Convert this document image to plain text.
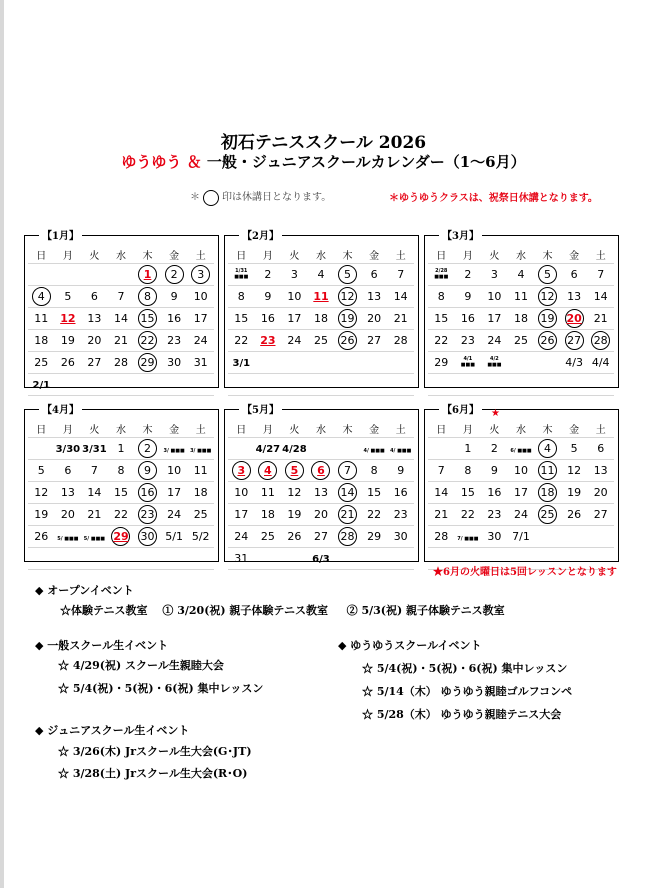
初石テニススクール 2026
ゆうゆう ＆ 一般・ジュニアスクールカレンダー（1～6月）
＊ 印は休講日となります。	＊ゆうゆうクラスは、祝祭日休講となります。
【1月】
日	月	火	水	木	金	土
				1	2	3
4	5	6	7	8	9	10
11	12	13	14	15	16	17
18	19	20	21	22	23	24
25	26	27	28	29	30	31
2/1						
【2月】
日	月	火	水	木	金	土
1/31 ■■■	2	3	4	5	6	7
8	9	10	11	12	13	14
15	16	17	18	19	20	21
22	23	24	25	26	27	28
3/1						

【3月】
日	月	火	水	木	金	土
2/28 ■■■	2	3	4	5	6	7
8	9	10	11	12	13	14
15	16	17	18	19	20	21
22	23	24	25	26	27	28
29	4/1 ■■■	4/2 ■■■			4/3	4/4

【4月】
日	月	火	水	木	金	土
	3/30	3/31	1	2	3/ ■■■	3/ ■■■
5	6	7	8	9	10	11
12	13	14	15	16	17	18
19	20	21	22	23	24	25
26	5/ ■■■	5/ ■■■	29	30	5/1	5/2

【5月】
日	月	火	水	木	金	土
	4/27	4/28			4/ ■■■	4/ ■■■
3	4	5	6	7	8	9
10	11	12	13	14	15	16
17	18	19	20	21	22	23
24	25	26	27	28	29	30
31			6/3			
【6月】
日	月	火	水	木	金	土
	1	2	6/ ■■■	4	5	6
7	8	9	10	11	12	13
14	15	16	17	18	19	20
21	22	23	24	25	26	27
28	7/ ■■■	30	7/1			

★
★6月の火曜日は5回レッスンとなります
◆ オープンイベント
☆体験テニス教室　 ① 3/20(祝) 親子体験テニス教室 　 ② 5/3(祝) 親子体験テニス教室
◆ 一般スクール生イベント
☆ 4/29(祝) スクール生親睦大会
☆ 5/4(祝)・5(祝)・6(祝) 集中レッスン
◆ ゆうゆうスクールイベント
☆ 5/4(祝)・5(祝)・6(祝) 集中レッスン
☆ 5/14（木） ゆうゆう親睦ゴルフコンペ
☆ 5/28（木） ゆうゆう親睦テニス大会
◆ ジュニアスクール生イベント
☆ 3/26(木) Jrスクール生大会(G･JT)
☆ 3/28(土) Jrスクール生大会(R･O)
